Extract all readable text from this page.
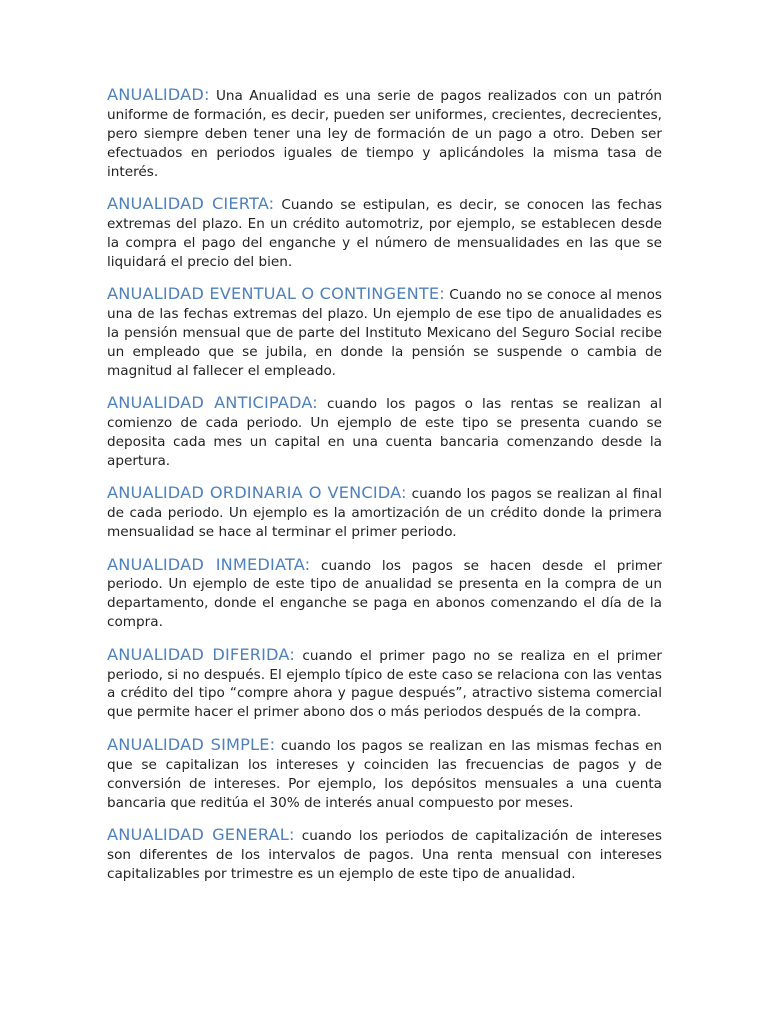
ANUALIDAD: Una Anualidad es una serie de pagos realizados con un patrón uniforme de formación, es decir, pueden ser uniformes, crecientes, decrecientes, pero siempre deben tener una ley de formación de un pago a otro. Deben ser efectuados en periodos iguales de tiempo y aplicándoles la misma tasa de interés.

ANUALIDAD CIERTA: Cuando se estipulan, es decir, se conocen las fechas extremas del plazo. En un crédito automotriz, por ejemplo, se establecen desde la compra el pago del enganche y el número de mensualidades en las que se liquidará el precio del bien.

ANUALIDAD EVENTUAL O CONTINGENTE: Cuando no se conoce al menos una de las fechas extremas del plazo. Un ejemplo de ese tipo de anualidades es la pensión mensual que de parte del Instituto Mexicano del Seguro Social recibe un empleado que se jubila, en donde la pensión se suspende o cambia de magnitud al fallecer el empleado.

ANUALIDAD ANTICIPADA: cuando los pagos o las rentas se realizan al comienzo de cada periodo. Un ejemplo de este tipo se presenta cuando se deposita cada mes un capital en una cuenta bancaria comenzando desde la apertura.

ANUALIDAD ORDINARIA O VENCIDA: cuando los pagos se realizan al final de cada periodo. Un ejemplo es la amortización de un crédito donde la primera mensualidad se hace al terminar el primer periodo.

ANUALIDAD INMEDIATA: cuando los pagos se hacen desde el primer periodo. Un ejemplo de este tipo de anualidad se presenta en la compra de un departamento, donde el enganche se paga en abonos comenzando el día de la compra.

ANUALIDAD DIFERIDA: cuando el primer pago no se realiza en el primer periodo, si no después. El ejemplo típico de este caso se relaciona con las ventas a crédito del tipo “compre ahora y pague después”, atractivo sistema comercial que permite hacer el primer abono dos o más periodos después de la compra.

ANUALIDAD SIMPLE: cuando los pagos se realizan en las mismas fechas en que se capitalizan los intereses y coinciden las frecuencias de pagos y de conversión de intereses. Por ejemplo, los depósitos mensuales a una cuenta bancaria que reditúa el 30% de interés anual compuesto por meses.

ANUALIDAD GENERAL: cuando los periodos de capitalización de intereses son diferentes de los intervalos de pagos. Una renta mensual con intereses capitalizables por trimestre es un ejemplo de este tipo de anualidad.
